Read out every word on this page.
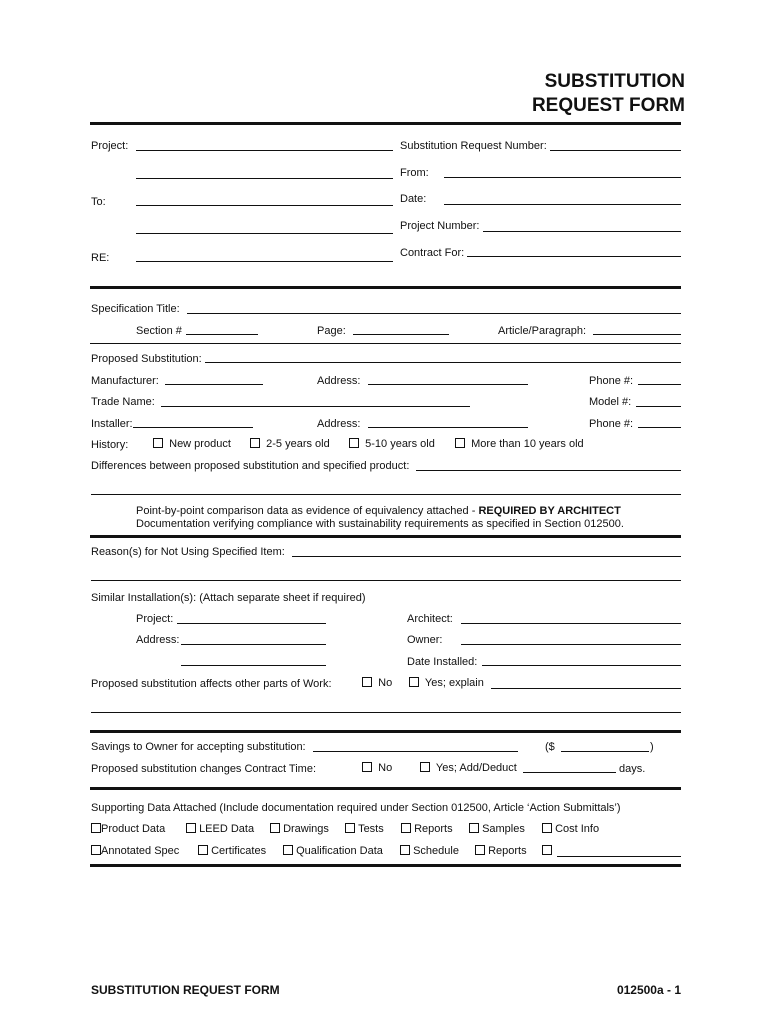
SUBSTITUTION
REQUEST FORM
Project:	Substitution Request Number:
From:
To:	Date:
Project Number:
RE:	Contract For:
Specification Title:
Section #	Page:	Article/Paragraph:
Proposed Substitution:
Manufacturer:	Address:	Phone #:
Trade Name:	Model #:
Installer:	Address:	Phone #:
History:	New product	2-5 years old	5-10 years old	More than 10 years old
Differences between proposed substitution and specified product:
Point-by-point comparison data as evidence of equivalency attached - REQUIRED BY ARCHITECT
Documentation verifying compliance with sustainability requirements as specified in Section 012500.
Reason(s) for Not Using Specified Item:
Similar Installation(s): (Attach separate sheet if required)
Project:	Architect:
Address:	Owner:
Date Installed:
Proposed substitution affects other parts of Work:	No	Yes; explain
Savings to Owner for accepting substitution:	($	)
Proposed substitution changes Contract Time:	No	Yes; Add/Deduct	days.
Supporting Data Attached (Include documentation required under Section 012500, Article ‘Action Submittals’)
Product Data	LEED Data	Drawings	Tests	Reports	Samples	Cost Info
Annotated Spec	Certificates	Qualification Data	Schedule	Reports
SUBSTITUTION REQUEST FORM	012500a - 1
